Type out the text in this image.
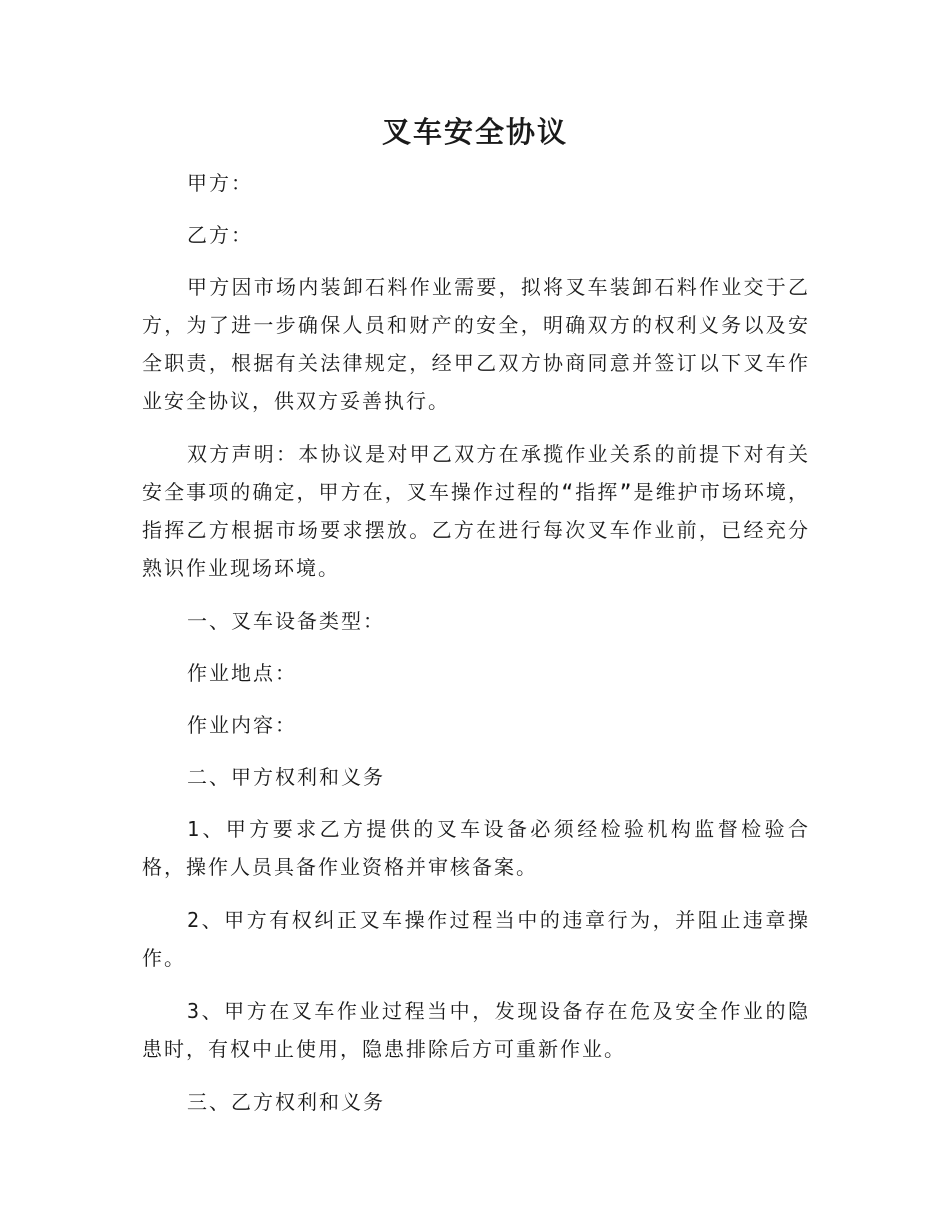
叉车安全协议

甲方：

乙方：

甲方因市场内装卸石料作业需要，拟将叉车装卸石料作业交于乙方，为了进一步确保人员和财产的安全，明确双方的权利义务以及安全职责，根据有关法律规定，经甲乙双方协商同意并签订以下叉车作业安全协议，供双方妥善执行。

双方声明：本协议是对甲乙双方在承揽作业关系的前提下对有关安全事项的确定，甲方在，叉车操作过程的“指挥”是维护市场环境，指挥乙方根据市场要求摆放。乙方在进行每次叉车作业前，已经充分熟识作业现场环境。

一、叉车设备类型：

作业地点：

作业内容：

二、甲方权利和义务

1、甲方要求乙方提供的叉车设备必须经检验机构监督检验合格，操作人员具备作业资格并审核备案。

2、甲方有权纠正叉车操作过程当中的违章行为，并阻止违章操作。

3、甲方在叉车作业过程当中，发现设备存在危及安全作业的隐患时，有权中止使用，隐患排除后方可重新作业。

三、乙方权利和义务
